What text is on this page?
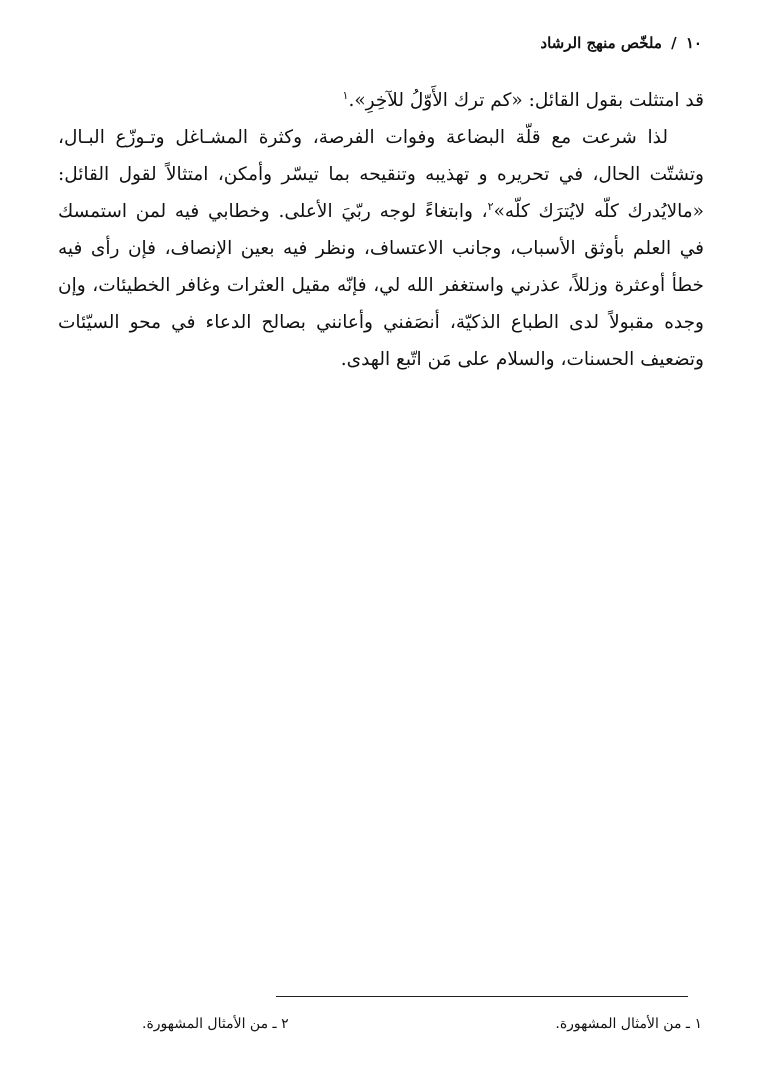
١٠ / ملخّص منهج الرشاد
قد امتثلت بقول القائل: «كم ترك الأَوّلُ للآخِرِ».$^١$
لذا شرعت مع قلّة البضاعة وفوات الفرصة، وكثرة المشـاغل وتـوزّع البـال،
وتشتّت الحال، في تحريره و تهذيبه وتنقيحه بما تيسّر وأمكن، امتثالاً لقول القائل:
«مالايُدرك كلّه لايُترَك كلّه»$^٢$، وابتغاءً لوجه ربّيَ الأعلى. وخطابي فيه لمن استمسك
في العلم بأوثق الأسباب، وجانب الاعتساف، ونظر فيه بعين الإنصاف، فإن رأى فيه
خطأ أوعثرة وزللاً، عذرني واستغفر الله لي، فإنّه مقيل العثرات وغافر الخطيئات، وإن
وجده مقبولاً لدى الطباع الذكيّة، أنصَفني وأعانني بصالح الدعاء في محو السيّئات
وتضعيف الحسنات، والسلام على مَن اتّبع الهدى.
١ ـ من الأمثال المشهورة.
٢ ـ من الأمثال المشهورة.
